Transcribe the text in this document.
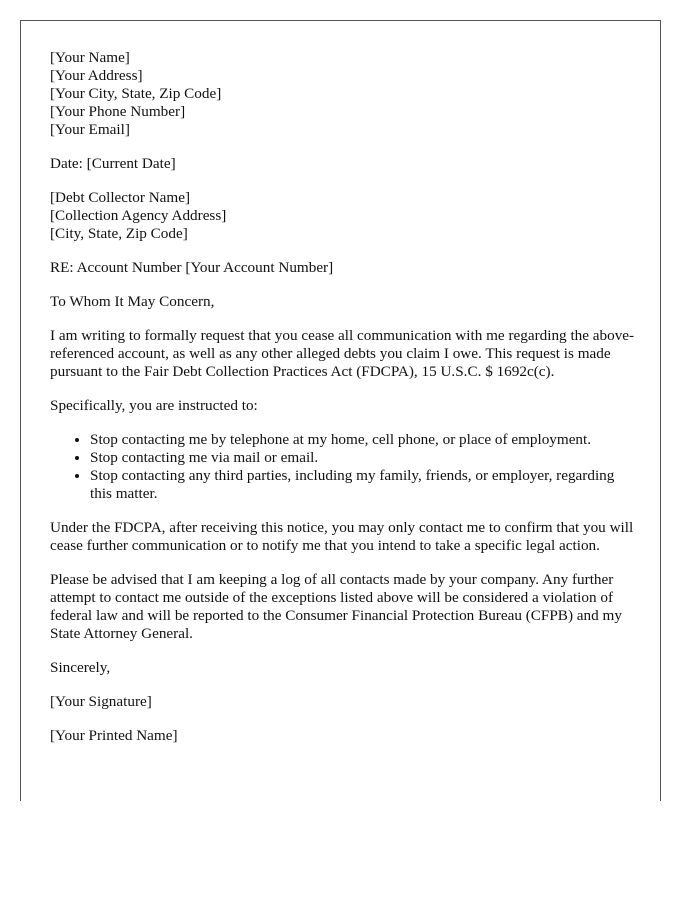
[Your Name]
[Your Address]
[Your City, State, Zip Code]
[Your Phone Number]
[Your Email]

Date: [Current Date]

[Debt Collector Name]
[Collection Agency Address]
[City, State, Zip Code]

RE: Account Number [Your Account Number]

To Whom It May Concern,

I am writing to formally request that you cease all communication with me regarding the above-referenced account, as well as any other alleged debts you claim I owe. This request is made pursuant to the Fair Debt Collection Practices Act (FDCPA), 15 U.S.C. $ 1692c(c).

Specifically, you are instructed to:

• Stop contacting me by telephone at my home, cell phone, or place of employment.
• Stop contacting me via mail or email.
• Stop contacting any third parties, including my family, friends, or employer, regarding this matter.

Under the FDCPA, after receiving this notice, you may only contact me to confirm that you will cease further communication or to notify me that you intend to take a specific legal action.

Please be advised that I am keeping a log of all contacts made by your company. Any further attempt to contact me outside of the exceptions listed above will be considered a violation of federal law and will be reported to the Consumer Financial Protection Bureau (CFPB) and my State Attorney General.

Sincerely,

[Your Signature]

[Your Printed Name]
